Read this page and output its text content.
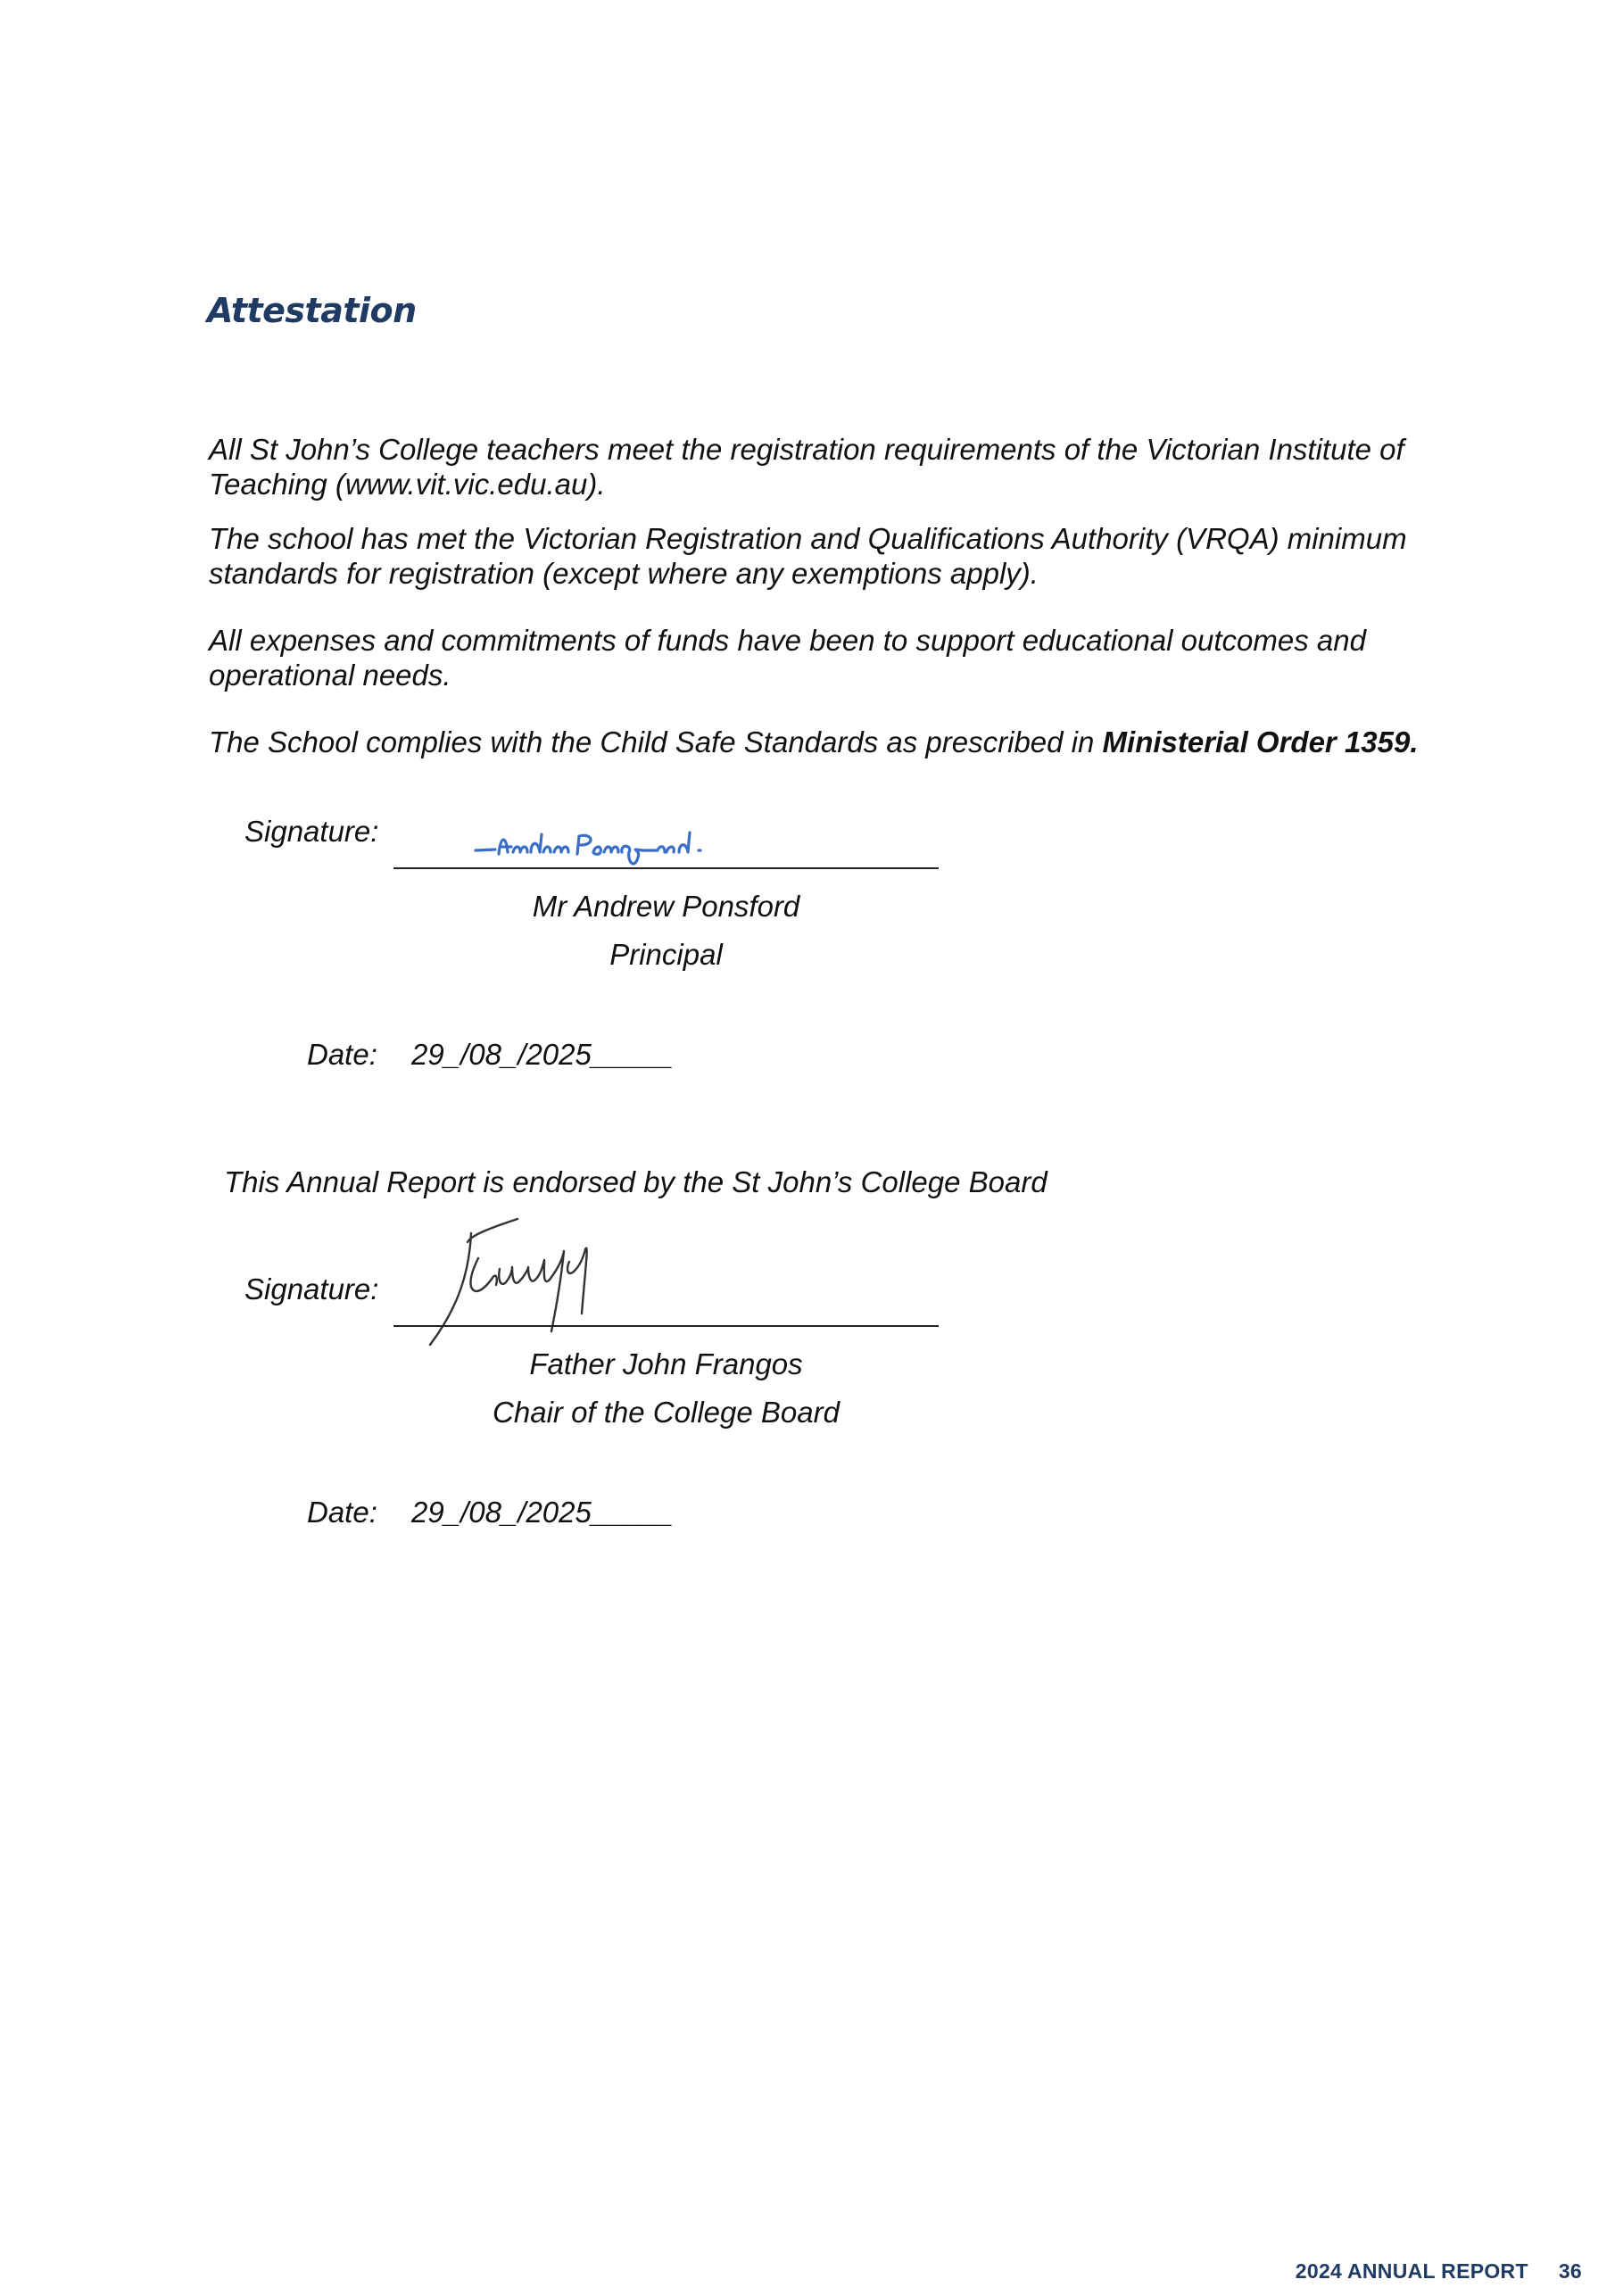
Attestation
All St John’s College teachers meet the registration requirements of the Victorian Institute of Teaching (www.vit.vic.edu.au).
The school has met the Victorian Registration and Qualifications Authority (VRQA) minimum standards for registration (except where any exemptions apply).
All expenses and commitments of funds have been to support educational outcomes and operational needs.
The School complies with the Child Safe Standards as prescribed in Ministerial Order 1359.
Signature:
Mr Andrew Ponsford
Principal
Date: 29_/08_/2025_____
This Annual Report is endorsed by the St John’s College Board
Signature:
Father John Frangos
Chair of the College Board
Date: 29_/08_/2025_____
2024 ANNUAL REPORT 36
